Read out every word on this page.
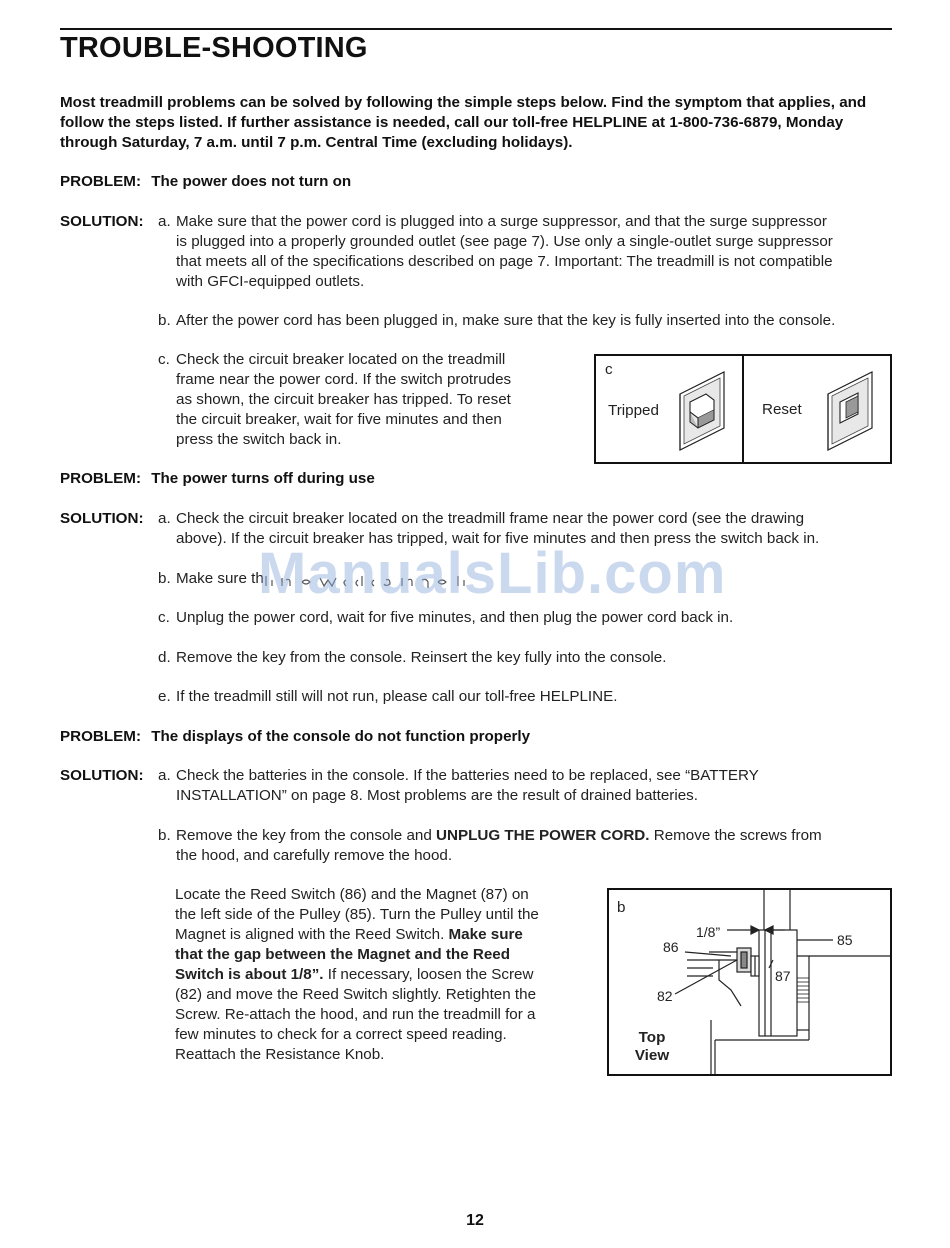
TROUBLE-SHOOTING
Most treadmill problems can be solved by following the simple steps below. Find the symptom that applies, and follow the steps listed. If further assistance is needed, call our toll-free HELPLINE at 1-800-736-6879, Monday through Saturday, 7 a.m. until 7 p.m. Central Time (excluding holidays).
PROBLEM: The power does not turn on
SOLUTION: a. Make sure that the power cord is plugged into a surge suppressor, and that the surge suppressor
is plugged into a properly grounded outlet (see page 7). Use only a single-outlet surge suppressor
that meets all of the specifications described on page 7. Important: The treadmill is not compatible
with GFCI-equipped outlets.
b. After the power cord has been plugged in, make sure that the key is fully inserted into the console.
c. Check the circuit breaker located on the treadmill
frame near the power cord. If the switch protrudes
as shown, the circuit breaker has tripped. To reset
the circuit breaker, wait for five minutes and then
press the switch back in.
c
Tripped	Reset
PROBLEM: The power turns off during use
SOLUTION: a. Check the circuit breaker located on the treadmill frame near the power cord (see the drawing
above). If the circuit breaker has tripped, wait for five minutes and then press the switch back in.
b. Make sure th
ManualsLib.com
c. Unplug the power cord, wait for five minutes, and then plug the power cord back in.
d. Remove the key from the console. Reinsert the key fully into the console.
e. If the treadmill still will not run, please call our toll-free HELPLINE.
PROBLEM: The displays of the console do not function properly
SOLUTION: a. Check the batteries in the console. If the batteries need to be replaced, see “BATTERY
INSTALLATION” on page 8. Most problems are the result of drained batteries.
b. Remove the key from the console and UNPLUG THE POWER CORD. Remove the screws from
the hood, and carefully remove the hood.
Locate the Reed Switch (86) and the Magnet (87) on
the left side of the Pulley (85). Turn the Pulley until the
Magnet is aligned with the Reed Switch. Make sure
that the gap between the Magnet and the Reed
Switch is about 1/8”. If necessary, loosen the Screw
(82) and move the Reed Switch slightly. Retighten the
Screw. Re-attach the hood, and run the treadmill for a
few minutes to check for a correct speed reading.
Reattach the Resistance Knob.
b
1/8”	85
86
87
82
Top
View
12
